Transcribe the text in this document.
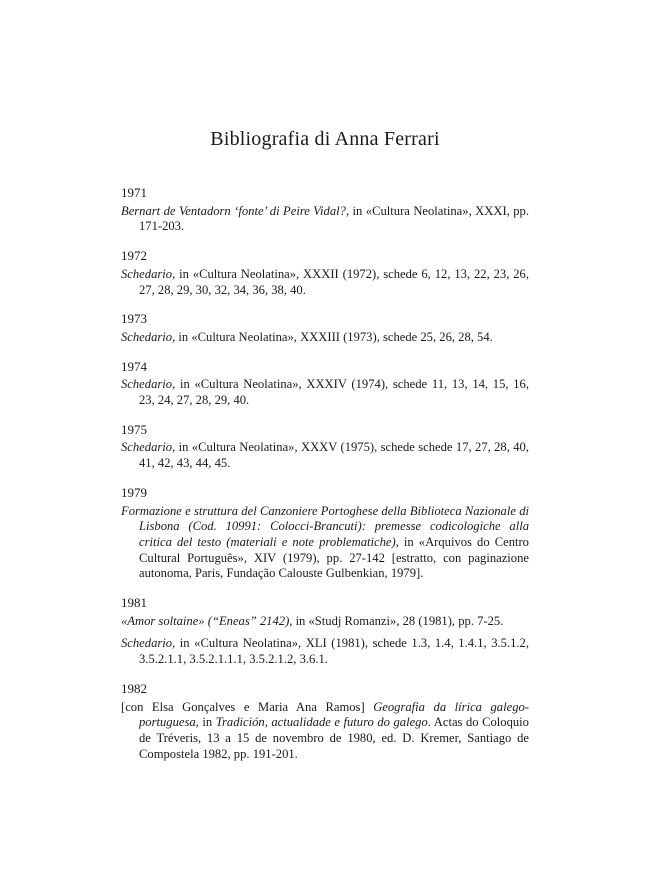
Bibliografia di Anna Ferrari
1971
Bernart de Ventadorn ‘fonte’ di Peire Vidal?, in «Cultura Neolatina», XXXI, pp. 171-203.
1972
Schedario, in «Cultura Neolatina», XXXII (1972), schede 6, 12, 13, 22, 23, 26, 27, 28, 29, 30, 32, 34, 36, 38, 40.
1973
Schedario, in «Cultura Neolatina», XXXIII (1973), schede 25, 26, 28, 54.
1974
Schedario, in «Cultura Neolatina», XXXIV (1974), schede 11, 13, 14, 15, 16, 23, 24, 27, 28, 29, 40.
1975
Schedario, in «Cultura Neolatina», XXXV (1975), schede schede 17, 27, 28, 40, 41, 42, 43, 44, 45.
1979
Formazione e struttura del Canzoniere Portoghese della Biblioteca Nazionale di Lisbona (Cod. 10991: Colocci-Brancuti): premesse codicologiche alla critica del testo (materiali e note problematiche), in «Arquivos do Centro Cultural Português», XIV (1979), pp. 27-142 [estratto, con paginazione autonoma, Paris, Fundação Calouste Gulbenkian, 1979].
1981
«Amor soltaine» (“Eneas” 2142), in «Studj Romanzi», 28 (1981), pp. 7-25.
Schedario, in «Cultura Neolatina», XLI (1981), schede 1.3, 1.4, 1.4.1, 3.5.1.2, 3.5.2.1.1, 3.5.2.1.1.1, 3.5.2.1.2, 3.6.1.
1982
[con Elsa Gonçalves e Maria Ana Ramos] Geografia da lírica galego-portuguesa, in Tradición, actualidade e futuro do galego. Actas do Coloquio de Tréveris, 13 a 15 de novembro de 1980, ed. D. Kremer, Santiago de Compostela 1982, pp. 191-201.
